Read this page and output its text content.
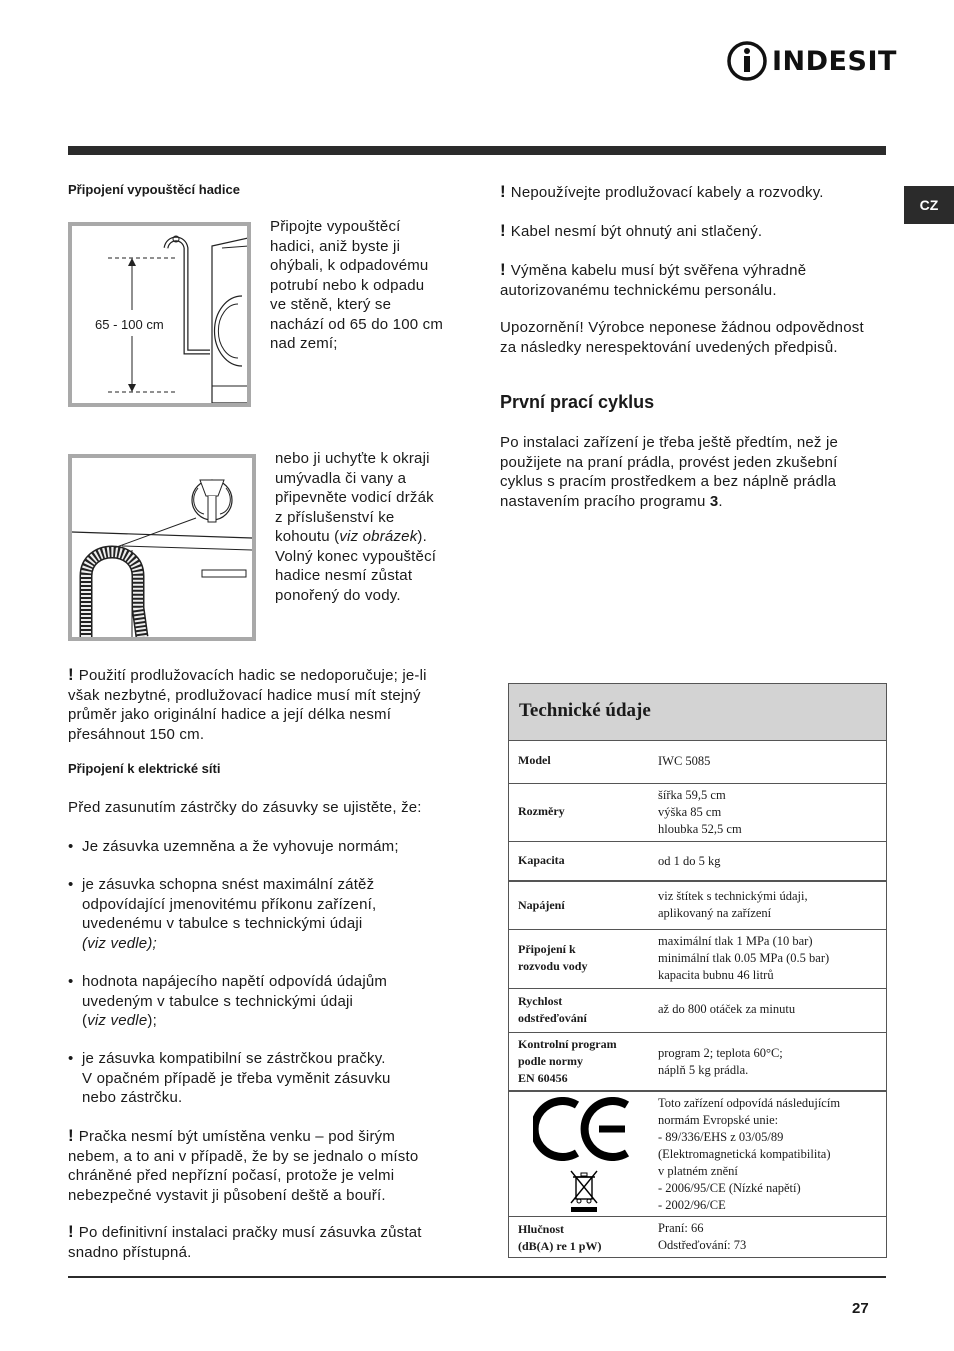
INDESIT
CZ
Připojení vypouštěcí hadice
65 - 100 cm
Připojte vypouštěcí
hadici, aniž byste ji
ohýbali, k odpadovému
potrubí nebo k odpadu
ve stěně, který se
nachází od 65 do 100 cm
nad zemí;
nebo ji uchyťte k okraji
umývadla či vany a
připevněte vodicí držák
z příslušenství ke
kohoutu (viz obrázek).
Volný konec vypouštěcí
hadice nesmí zůstat
ponořený do vody.
! Použití prodlužovacích hadic se nedoporučuje; je-li
však nezbytné, prodlužovací hadice musí mít stejný
průměr jako originální hadice a její délka nesmí
přesáhnout 150 cm.
Připojení k elektrické síti
Před zasunutím zástrčky do zásuvky se ujistěte, že:
• Je zásuvka uzemněna a že vyhovuje normám;
• je zásuvka schopna snést maximální zátěž
odpovídající jmenovitému příkonu zařízení,
uvedenému v tabulce s technickými údaji
(viz vedle);
• hodnota napájecího napětí odpovídá údajům
uvedeným v tabulce s technickými údaji
(viz vedle);
• je zásuvka kompatibilní se zástrčkou pračky.
V opačném případě je třeba vyměnit zásuvku
nebo zástrčku.
! Pračka nesmí být umístěna venku – pod širým
nebem, a to ani v případě, že by se jednalo o místo
chráněné před nepřízní počasí, protože je velmi
nebezpečné vystavit ji působení deště a bouří.
! Po definitivní instalaci pračky musí zásuvka zůstat
snadno přístupná.
! Nepoužívejte prodlužovací kabely a rozvodky.
! Kabel nesmí být ohnutý ani stlačený.
! Výměna kabelu musí být svěřena výhradně
autorizovanému technickému personálu.
Upozornění! Výrobce neponese žádnou odpovědnost
za následky nerespektování uvedených předpisů.
První prací cyklus
Po instalaci zařízení je třeba ještě předtím, než je
použijete na praní prádla, provést jeden zkušební
cyklus s pracím prostředkem a bez náplně prádla
nastavením pracího programu 3.
Technické údaje
Model	IWC 5085
Rozměry
šířka 59,5 cm
výška 85 cm
hloubka 52,5 cm
Kapacita	od 1 do 5 kg
Napájení
viz štítek s technickými údaji,
aplikovaný na zařízení
Připojení k
rozvodu vody
maximální tlak 1 MPa (10 bar)
minimální tlak 0.05 MPa (0.5 bar)
kapacita bubnu 46 litrů
Rychlost
odstřeďování
až do 800 otáček za minutu
Kontrolní program
podle normy
EN 60456
program 2; teplota 60°C;
náplň 5 kg prádla.
Toto zařízení odpovídá následujícím
normám Evropské unie:
- 89/336/EHS z 03/05/89
(Elektromagnetická kompatibilita)
v platném znění
- 2006/95/CE (Nízké napětí)
- 2002/96/CE
Hlučnost
(dB(A) re 1 pW)
Praní: 66
Odstřeďování: 73
27
